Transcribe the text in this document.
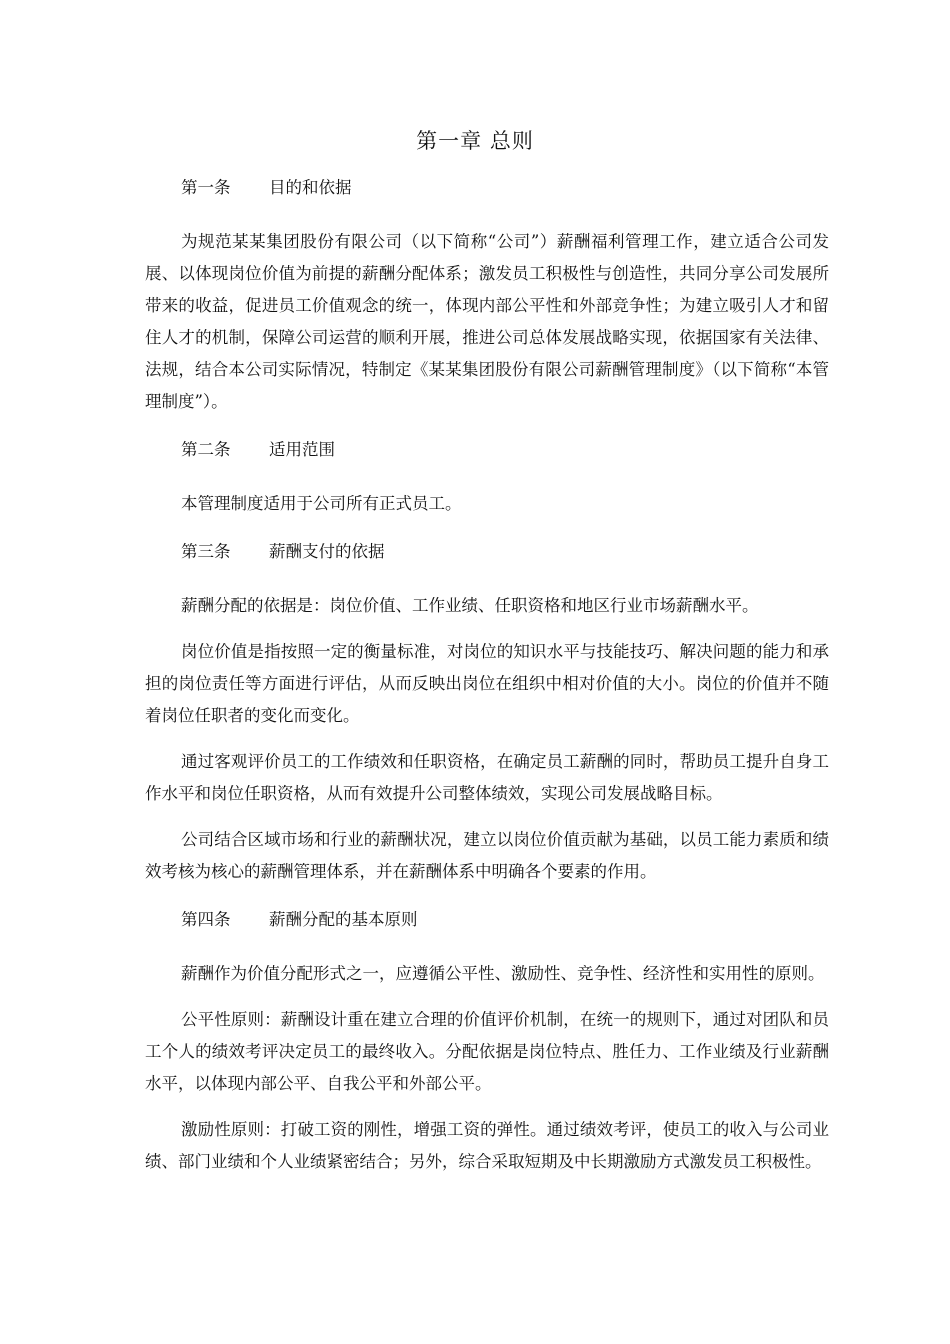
第一章 总则
第一条 目的和依据

为规范某某集团股份有限公司（以下简称“公司”）薪酬福利管理工作，建立适合公司发展、以体现岗位价值为前提的薪酬分配体系；激发员工积极性与创造性，共同分享公司发展所带来的收益，促进员工价值观念的统一，体现内部公平性和外部竞争性；为建立吸引人才和留住人才的机制，保障公司运营的顺利开展，推进公司总体发展战略实现，依据国家有关法律、法规，结合本公司实际情况，特制定《某某集团股份有限公司薪酬管理制度》（以下简称“本管理制度”）。

第二条 适用范围

本管理制度适用于公司所有正式员工。

第三条 薪酬支付的依据

薪酬分配的依据是：岗位价值、工作业绩、任职资格和地区行业市场薪酬水平。

岗位价值是指按照一定的衡量标准，对岗位的知识水平与技能技巧、解决问题的能力和承担的岗位责任等方面进行评估，从而反映出岗位在组织中相对价值的大小。岗位的价值并不随着岗位任职者的变化而变化。

通过客观评价员工的工作绩效和任职资格，在确定员工薪酬的同时，帮助员工提升自身工作水平和岗位任职资格，从而有效提升公司整体绩效，实现公司发展战略目标。

公司结合区域市场和行业的薪酬状况，建立以岗位价值贡献为基础，以员工能力素质和绩效考核为核心的薪酬管理体系，并在薪酬体系中明确各个要素的作用。

第四条 薪酬分配的基本原则

薪酬作为价值分配形式之一，应遵循公平性、激励性、竞争性、经济性和实用性的原则。

公平性原则：薪酬设计重在建立合理的价值评价机制，在统一的规则下，通过对团队和员工个人的绩效考评决定员工的最终收入。分配依据是岗位特点、胜任力、工作业绩及行业薪酬水平，以体现内部公平、自我公平和外部公平。

激励性原则：打破工资的刚性，增强工资的弹性。通过绩效考评，使员工的收入与公司业绩、部门业绩和个人业绩紧密结合；另外，综合采取短期及中长期激励方式激发员工积极性。
